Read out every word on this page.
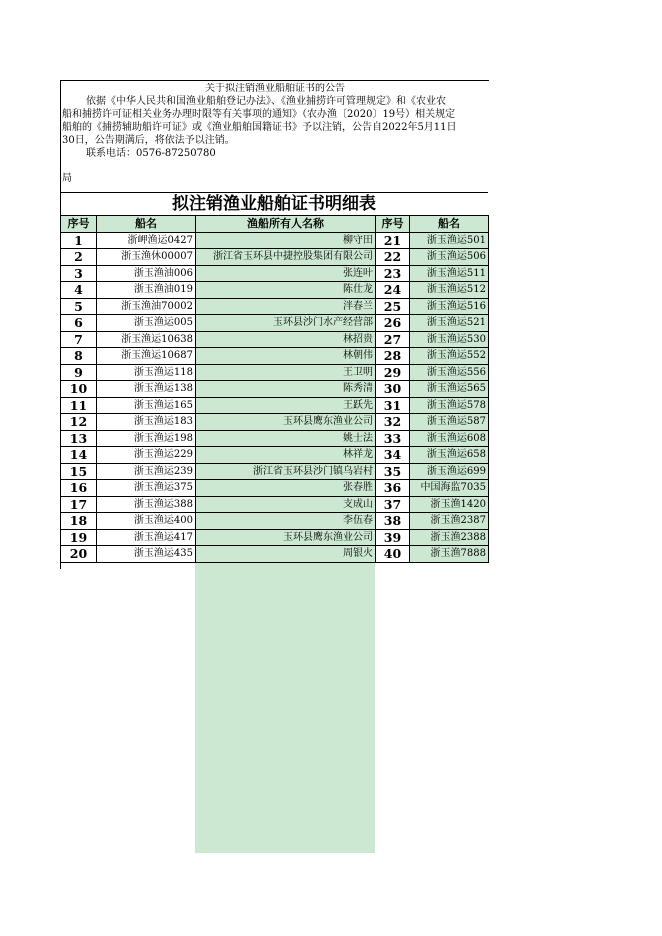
关于拟注销渔业船舶证书的公告
依据《中华人民共和国渔业船舶登记办法》、《渔业捕捞许可管理规定》和《农业农
船和捕捞许可证相关业务办理时限等有关事项的通知》（农办渔〔2020〕19号）相关规定
船舶的《捕捞辅助船许可证》或《渔业船舶国籍证书》予以注销，公告自2022年5月11日
30日，公告期满后，将依法予以注销。
联系电话：0576-87250780
局
拟注销渔业船舶证书明细表
序号	船名	渔船所有人名称	序号	船名
1	浙岬渔运0427	柳守田	21	浙玉渔运501
2	浙玉渔休00007	浙江省玉环县中捷控股集团有限公司	22	浙玉渔运506
3	浙玉渔油006	张连叶	23	浙玉渔运511
4	浙玉渔油019	陈仕龙	24	浙玉渔运512
5	浙玉渔油70002	泮春兰	25	浙玉渔运516
6	浙玉渔运005	玉环县沙门水产经营部	26	浙玉渔运521
7	浙玉渔运10638	林招贵	27	浙玉渔运530
8	浙玉渔运10687	林朝伟	28	浙玉渔运552
9	浙玉渔运118	王卫明	29	浙玉渔运556
10	浙玉渔运138	陈秀清	30	浙玉渔运565
11	浙玉渔运165	王跃先	31	浙玉渔运578
12	浙玉渔运183	玉环县鹰东渔业公司	32	浙玉渔运587
13	浙玉渔运198	姚士法	33	浙玉渔运608
14	浙玉渔运229	林祥龙	34	浙玉渔运658
15	浙玉渔运239	浙江省玉环县沙门镇乌岩村	35	浙玉渔运699
16	浙玉渔运375	张春胜	36	中国海监7035
17	浙玉渔运388	支成山	37	浙玉渔1420
18	浙玉渔运400	李伍春	38	浙玉渔2387
19	浙玉渔运417	玉环县鹰东渔业公司	39	浙玉渔2388
20	浙玉渔运435	周银火	40	浙玉渔7888
